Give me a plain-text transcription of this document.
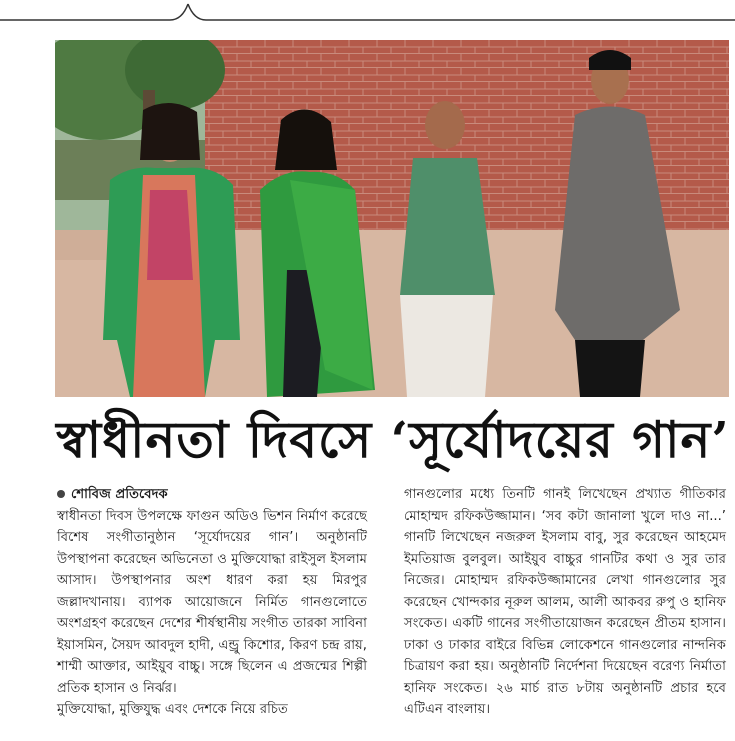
স্বাধীনতা দিবসে ‘সূর্যোদয়ের গান’
শোবিজ প্রতিবেদক

স্বাধীনতা দিবস উপলক্ষে ফাগুন অডিও ভিশন নির্মাণ করেছে বিশেষ সংগীতানুষ্ঠান ‘সূর্যোদয়ের গান’। অনুষ্ঠানটি উপস্থাপনা করেছেন অভিনেতা ও মুক্তিযোদ্ধা রাইসুল ইসলাম আসাদ। উপস্থাপনার অংশ ধারণ করা হয় মিরপুর জল্লাদখানায়। ব্যাপক আয়োজনে নির্মিত গানগুলোতে অংশগ্রহণ করেছেন দেশের শীর্ষস্থানীয় সংগীত তারকা সাবিনা ইয়াসমিন, সৈয়দ আবদুল হাদী, এন্ড্রু কিশোর, কিরণ চন্দ্র রায়, শাম্মী আক্তার, আইয়ুব বাচ্চু। সঙ্গে ছিলেন এ প্রজন্মের শিল্পী প্রতিক হাসান ও নির্ঝর।

মুক্তিযোদ্ধা, মুক্তিযুদ্ধ এবং দেশকে নিয়ে রচিত

গানগুলোর মধ্যে তিনটি গানই লিখেছেন প্রখ্যাত গীতিকার মোহাম্মদ রফিকউজ্জামান। ‘সব কটা জানালা খুলে দাও না...’ গানটি লিখেছেন নজরুল ইসলাম বাবু, সুর করেছেন আহমেদ ইমতিয়াজ বুলবুল। আইয়ুব বাচ্চুর গানটির কথা ও সুর তার নিজের। মোহাম্মদ রফিকউজ্জামানের লেখা গানগুলোর সুর করেছেন খোন্দকার নূরুল আলম, আলী আকবর রুপু ও হানিফ সংকেত। একটি গানের সংগীতায়োজন করেছেন প্রীতম হাসান। ঢাকা ও ঢাকার বাইরে বিভিন্ন লোকেশনে গানগুলোর নান্দনিক চিত্রায়ণ করা হয়। অনুষ্ঠানটি নির্দেশনা দিয়েছেন বরেণ্য নির্মাতা হানিফ সংকেত। ২৬ মার্চ রাত ৮টায় অনুষ্ঠানটি প্রচার হবে এটিএন বাংলায়।
